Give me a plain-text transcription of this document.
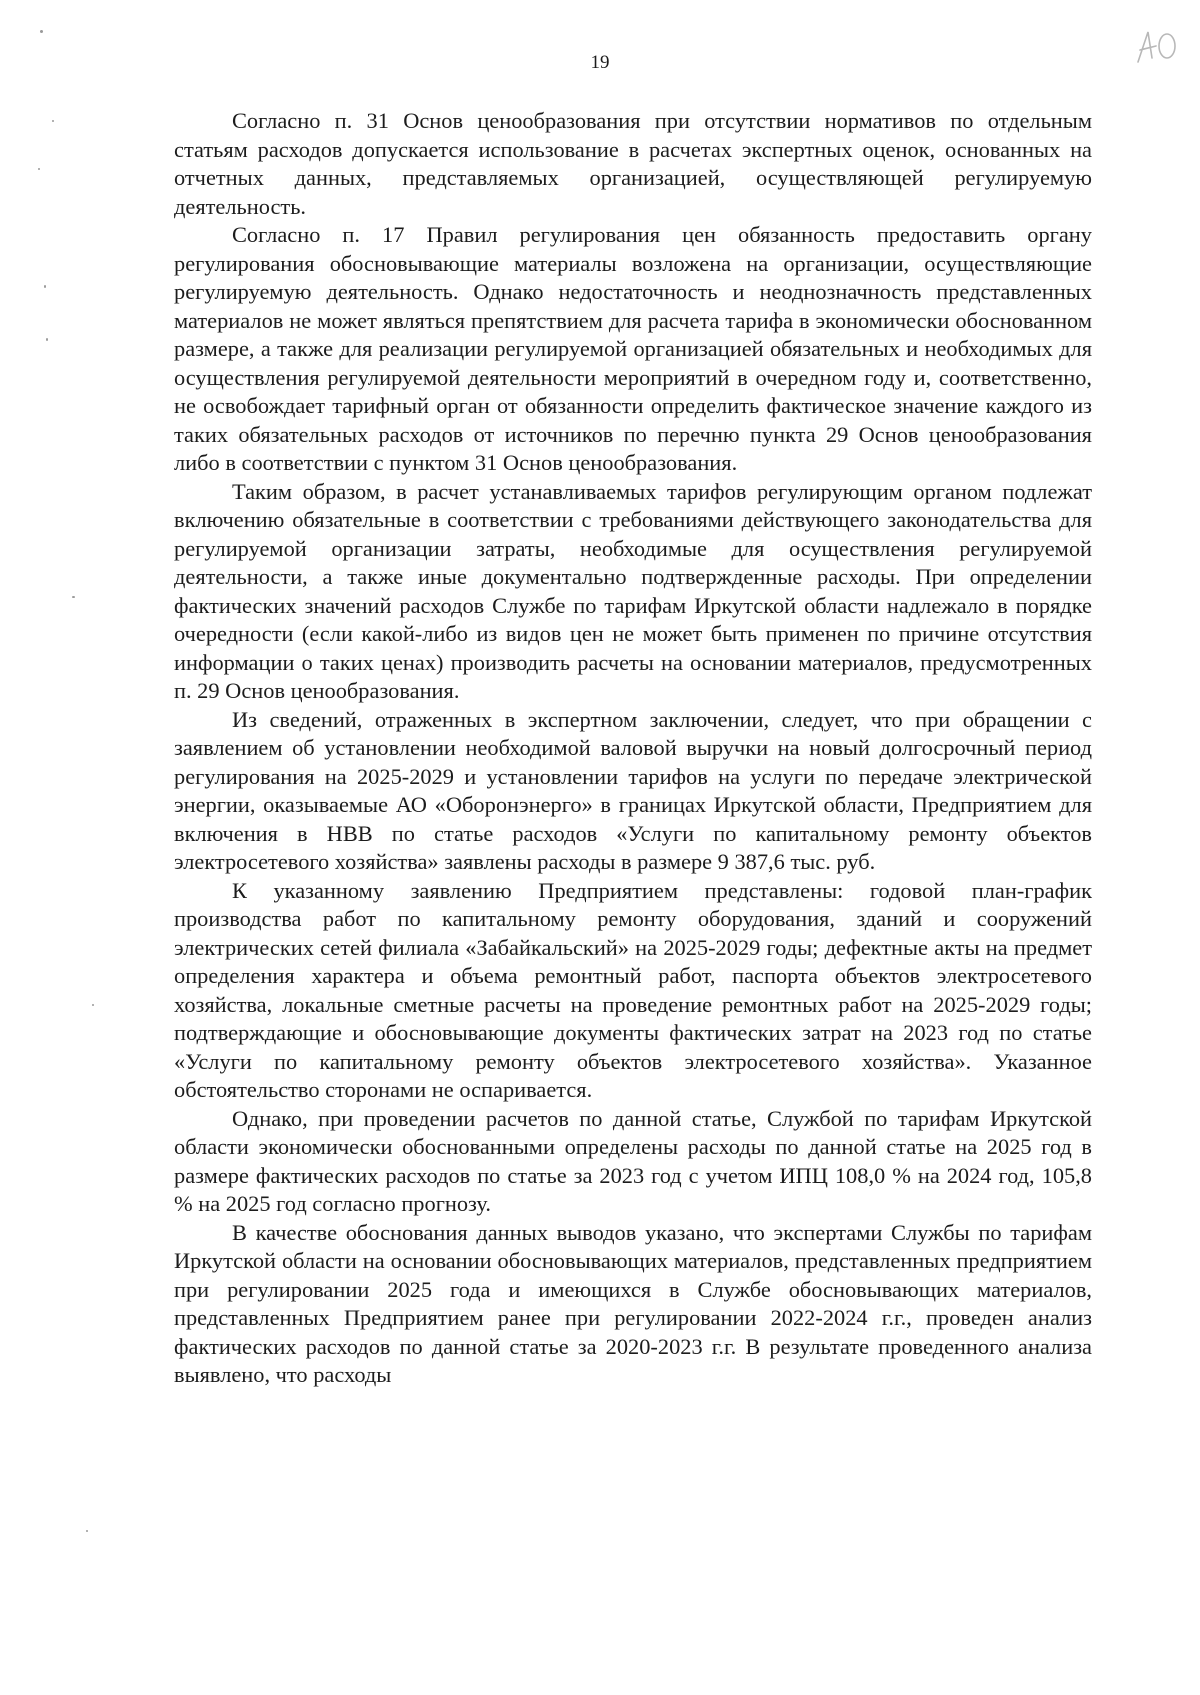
19

Согласно п. 31 Основ ценообразования при отсутствии нормативов по отдельным статьям расходов допускается использование в расчетах экспертных оценок, основанных на отчетных данных, представляемых организацией, осуществляющей регулируемую деятельность.

Согласно п. 17 Правил регулирования цен обязанность предоставить органу регулирования обосновывающие материалы возложена на организации, осуществляющие регулируемую деятельность. Однако недостаточность и неоднозначность представленных материалов не может являться препятствием для расчета тарифа в экономически обоснованном размере, а также для реализации регулируемой организацией обязательных и необходимых для осуществления регулируемой деятельности мероприятий в очередном году и, соответственно, не освобождает тарифный орган от обязанности определить фактическое значение каждого из таких обязательных расходов от источников по перечню пункта 29 Основ ценообразования либо в соответствии с пунктом 31 Основ ценообразования.

Таким образом, в расчет устанавливаемых тарифов регулирующим органом подлежат включению обязательные в соответствии с требованиями действующего законодательства для регулируемой организации затраты, необходимые для осуществления регулируемой деятельности, а также иные документально подтвержденные расходы. При определении фактических значений расходов Службе по тарифам Иркутской области надлежало в порядке очередности (если какой-либо из видов цен не может быть применен по причине отсутствия информации о таких ценах) производить расчеты на основании материалов, предусмотренных п. 29 Основ ценообразования.

Из сведений, отраженных в экспертном заключении, следует, что при обращении с заявлением об установлении необходимой валовой выручки на новый долгосрочный период регулирования на 2025-2029 и установлении тарифов на услуги по передаче электрической энергии, оказываемые АО «Оборонэнерго» в границах Иркутской области, Предприятием для включения в НВВ по статье расходов «Услуги по капитальному ремонту объектов электросетевого хозяйства» заявлены расходы в размере 9 387,6 тыс. руб.

К указанному заявлению Предприятием представлены: годовой план-график производства работ по капитальному ремонту оборудования, зданий и сооружений электрических сетей филиала «Забайкальский» на 2025-2029 годы; дефектные акты на предмет определения характера и объема ремонтный работ, паспорта объектов электросетевого хозяйства, локальные сметные расчеты на проведение ремонтных работ на 2025-2029 годы; подтверждающие и обосновывающие документы фактических затрат на 2023 год по статье «Услуги по капитальному ремонту объектов электросетевого хозяйства». Указанное обстоятельство сторонами не оспаривается.

Однако, при проведении расчетов по данной статье, Службой по тарифам Иркутской области экономически обоснованными определены расходы по данной статье на 2025 год в размере фактических расходов по статье за 2023 год с учетом ИПЦ 108,0 % на 2024 год, 105,8 % на 2025 год согласно прогнозу.

В качестве обоснования данных выводов указано, что экспертами Службы по тарифам Иркутской области на основании обосновывающих материалов, представленных предприятием при регулировании 2025 года и имеющихся в Службе обосновывающих материалов, представленных Предприятием ранее при регулировании 2022-2024 г.г., проведен анализ фактических расходов по данной статье за 2020-2023 г.г. В результате проведенного анализа выявлено, что расходы
